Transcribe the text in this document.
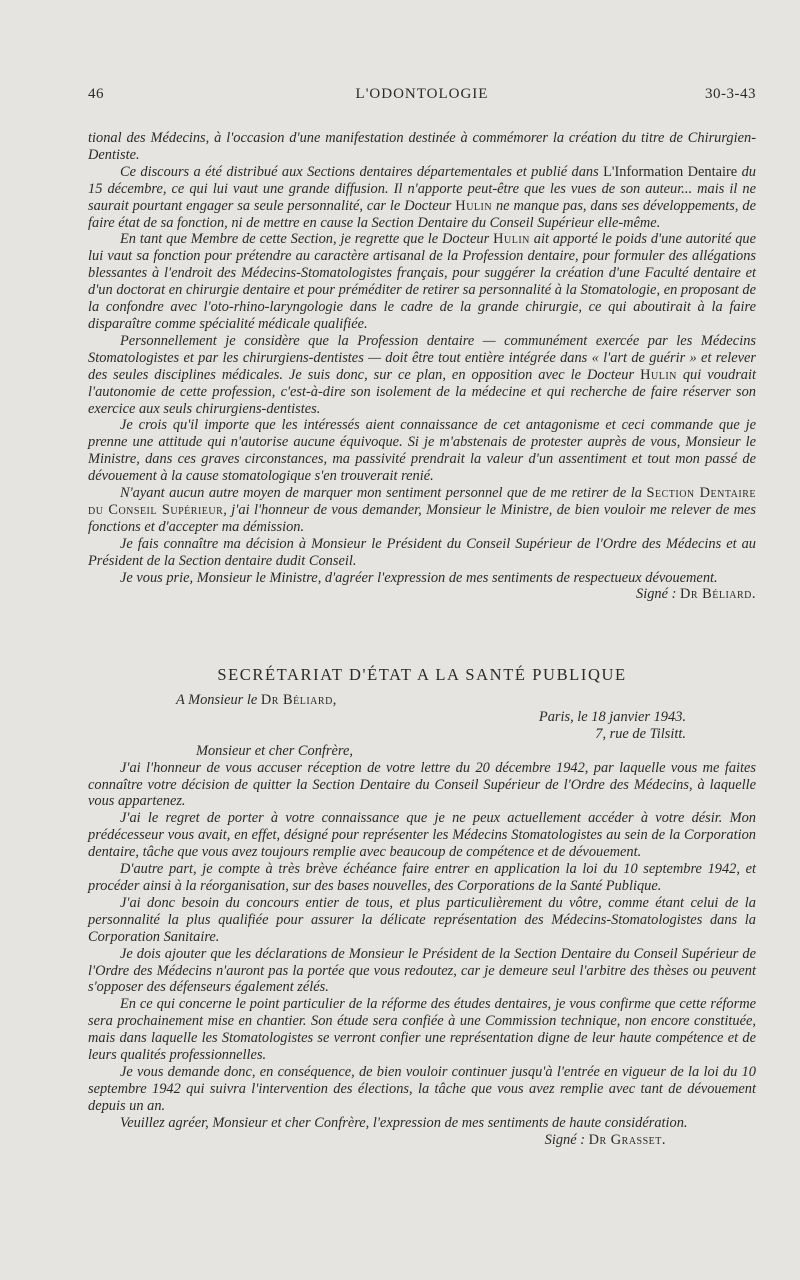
46	L'ODONTOLOGIE	30-3-43

tional des Médecins, à l'occasion d'une manifestation destinée à commémorer la création du titre de Chirurgien-Dentiste.

Ce discours a été distribué aux Sections dentaires départementales et publié dans L'Information Dentaire du 15 décembre, ce qui lui vaut une grande diffusion. Il n'apporte peut-être que les vues de son auteur... mais il ne saurait pourtant engager sa seule personnalité, car le Docteur Hulin ne manque pas, dans ses développements, de faire état de sa fonction, ni de mettre en cause la Section Dentaire du Conseil Supérieur elle-même.

En tant que Membre de cette Section, je regrette que le Docteur Hulin ait apporté le poids d'une autorité que lui vaut sa fonction pour prétendre au caractère artisanal de la Profession dentaire, pour formuler des allégations blessantes à l'endroit des Médecins-Stomatologistes français, pour suggérer la création d'une Faculté dentaire et d'un doctorat en chirurgie dentaire et pour préméditer de retirer sa personnalité à la Stomatologie, en proposant de la confondre avec l'oto-rhino-laryngologie dans le cadre de la grande chirurgie, ce qui aboutirait à la faire disparaître comme spécialité médicale qualifiée.

Personnellement je considère que la Profession dentaire — communément exercée par les Médecins Stomatologistes et par les chirurgiens-dentistes — doit être tout entière intégrée dans « l'art de guérir » et relever des seules disciplines médicales. Je suis donc, sur ce plan, en opposition avec le Docteur Hulin qui voudrait l'autonomie de cette profession, c'est-à-dire son isolement de la médecine et qui recherche de faire réserver son exercice aux seuls chirurgiens-dentistes.

Je crois qu'il importe que les intéressés aient connaissance de cet antagonisme et ceci commande que je prenne une attitude qui n'autorise aucune équivoque. Si je m'abstenais de protester auprès de vous, Monsieur le Ministre, dans ces graves circonstances, ma passivité prendrait la valeur d'un assentiment et tout mon passé de dévouement à la cause stomatologique s'en trouverait renié.

N'ayant aucun autre moyen de marquer mon sentiment personnel que de me retirer de la Section Dentaire du Conseil Supérieur, j'ai l'honneur de vous demander, Monsieur le Ministre, de bien vouloir me relever de mes fonctions et d'accepter ma démission.

Je fais connaître ma décision à Monsieur le Président du Conseil Supérieur de l'Ordre des Médecins et au Président de la Section dentaire dudit Conseil.

Je vous prie, Monsieur le Ministre, d'agréer l'expression de mes sentiments de respectueux dévouement.
Signé : Dr Béliard.

SECRÉTARIAT D'ÉTAT A LA SANTÉ PUBLIQUE

A Monsieur le Dr Béliard,

Paris, le 18 janvier 1943.

7, rue de Tilsitt.

Monsieur et cher Confrère,

J'ai l'honneur de vous accuser réception de votre lettre du 20 décembre 1942, par laquelle vous me faites connaître votre décision de quitter la Section Dentaire du Conseil Supérieur de l'Ordre des Médecins, à laquelle vous appartenez.

J'ai le regret de porter à votre connaissance que je ne peux actuellement accéder à votre désir. Mon prédécesseur vous avait, en effet, désigné pour représenter les Médecins Stomatologistes au sein de la Corporation dentaire, tâche que vous avez toujours remplie avec beaucoup de compétence et de dévouement.

D'autre part, je compte à très brève échéance faire entrer en application la loi du 10 septembre 1942, et procéder ainsi à la réorganisation, sur des bases nouvelles, des Corporations de la Santé Publique.

J'ai donc besoin du concours entier de tous, et plus particulièrement du vôtre, comme étant celui de la personnalité la plus qualifiée pour assurer la délicate représentation des Médecins-Stomatologistes dans la Corporation Sanitaire.

Je dois ajouter que les déclarations de Monsieur le Président de la Section Dentaire du Conseil Supérieur de l'Ordre des Médecins n'auront pas la portée que vous redoutez, car je demeure seul l'arbitre des thèses ou peuvent s'opposer des défenseurs également zélés.

En ce qui concerne le point particulier de la réforme des études dentaires, je vous confirme que cette réforme sera prochainement mise en chantier. Son étude sera confiée à une Commission technique, non encore constituée, mais dans laquelle les Stomatologistes se verront confier une représentation digne de leur haute compétence et de leurs qualités professionnelles.

Je vous demande donc, en conséquence, de bien vouloir continuer jusqu'à l'entrée en vigueur de la loi du 10 septembre 1942 qui suivra l'intervention des élections, la tâche que vous avez remplie avec tant de dévouement depuis un an.

Veuillez agréer, Monsieur et cher Confrère, l'expression de mes sentiments de haute considération.
Signé : Dr Grasset.
